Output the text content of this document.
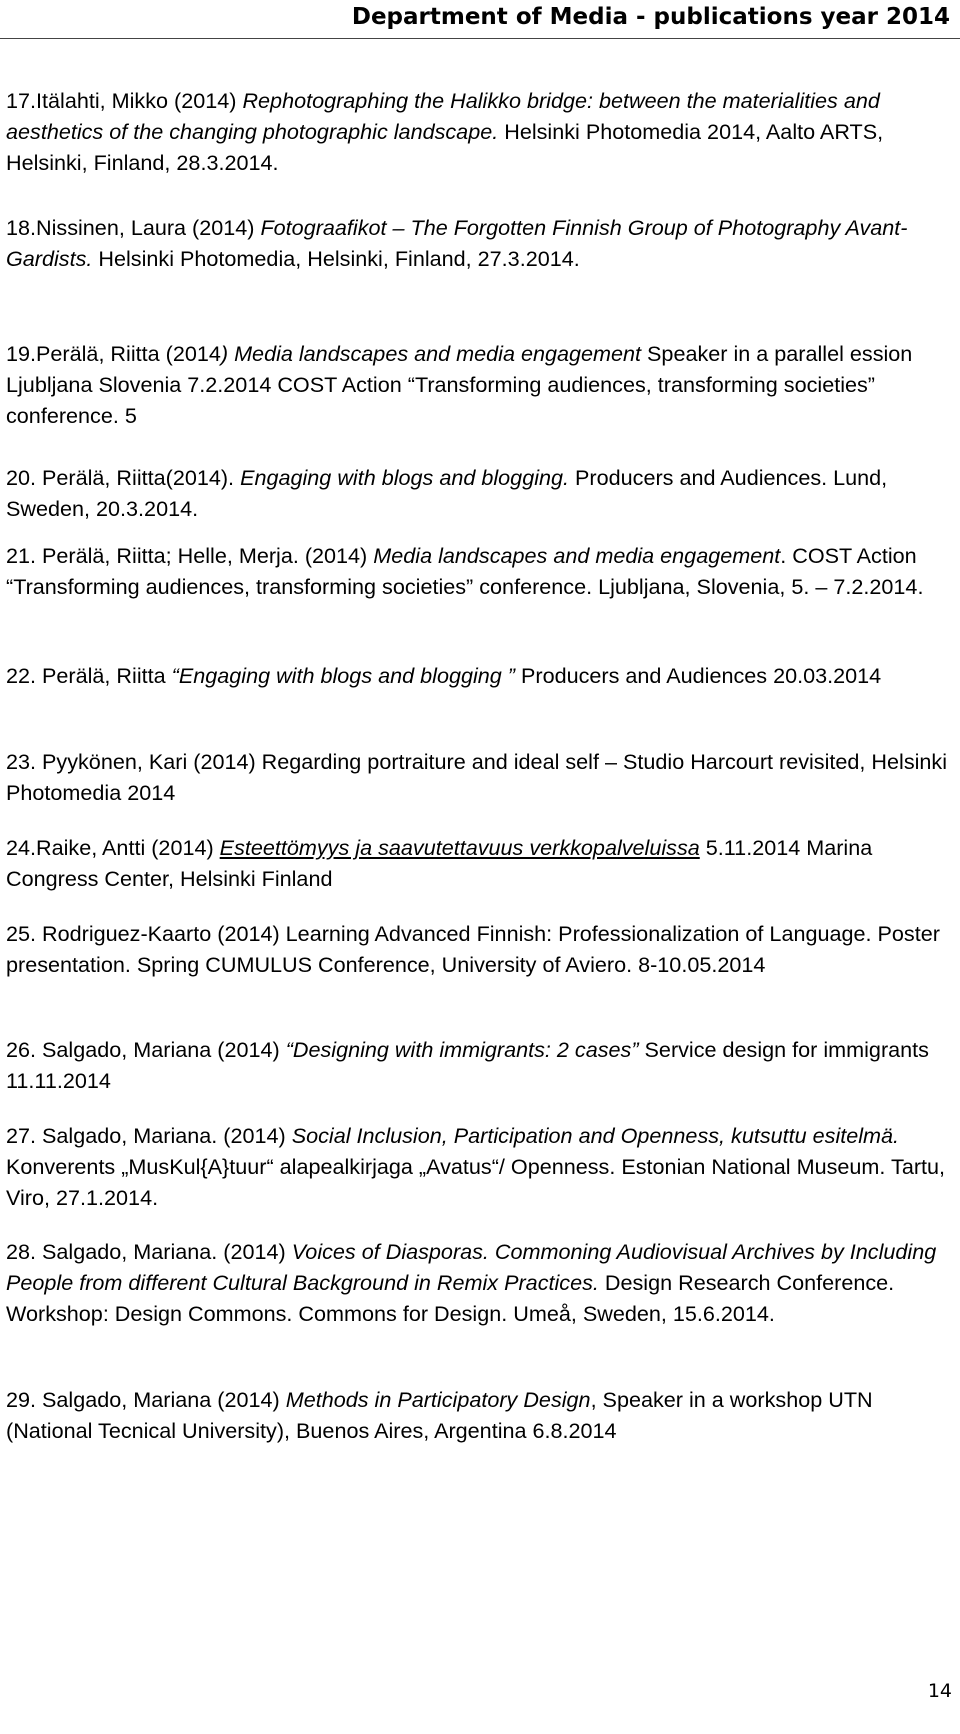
Department of Media - publications year 2014
17.Itälahti, Mikko (2014) Rephotographing the Halikko bridge: between the materialities and aesthetics of the changing photographic landscape. Helsinki Photomedia 2014, Aalto ARTS, Helsinki, Finland, 28.3.2014.
18.Nissinen, Laura (2014) Fotograafikot – The Forgotten Finnish Group of Photography Avant-Gardists. Helsinki Photomedia, Helsinki, Finland, 27.3.2014.
19.Perälä, Riitta (2014) Media landscapes and media engagement Speaker in a parallel ession Ljubljana Slovenia 7.2.2014 COST Action “Transforming audiences, transforming societies” conference. 5
20. Perälä, Riitta(2014). Engaging with blogs and blogging. Producers and Audiences. Lund, Sweden, 20.3.2014.
21. Perälä, Riitta; Helle, Merja. (2014) Media landscapes and media engagement. COST Action “Transforming audiences, transforming societies” conference. Ljubljana, Slovenia, 5. – 7.2.2014.
22. Perälä, Riitta “Engaging with blogs and blogging ” Producers and Audiences 20.03.2014
23. Pyykönen, Kari (2014) Regarding portraiture and ideal self – Studio Harcourt revisited, Helsinki Photomedia 2014
24.Raike, Antti (2014) Esteettömyys ja saavutettavuus verkkopalveluissa 5.11.2014 Marina Congress Center, Helsinki Finland
25. Rodriguez-Kaarto (2014) Learning Advanced Finnish: Professionalization of Language. Poster presentation. Spring CUMULUS Conference, University of Aviero. 8-10.05.2014
26. Salgado, Mariana (2014) “Designing with immigrants: 2 cases” Service design for immigrants 11.11.2014
27. Salgado, Mariana. (2014) Social Inclusion, Participation and Openness, kutsuttu esitelmä. Konverents „MusKul{A}tuur“ alapealkirjaga „Avatus“/ Openness. Estonian National Museum. Tartu, Viro, 27.1.2014.
28. Salgado, Mariana. (2014) Voices of Diasporas. Commoning Audiovisual Archives by Including People from different Cultural Background in Remix Practices. Design Research Conference. Workshop: Design Commons. Commons for Design. Umeå, Sweden, 15.6.2014.
29. Salgado, Mariana (2014) Methods in Participatory Design, Speaker in a workshop UTN (National Tecnical University), Buenos Aires, Argentina 6.8.2014
14
